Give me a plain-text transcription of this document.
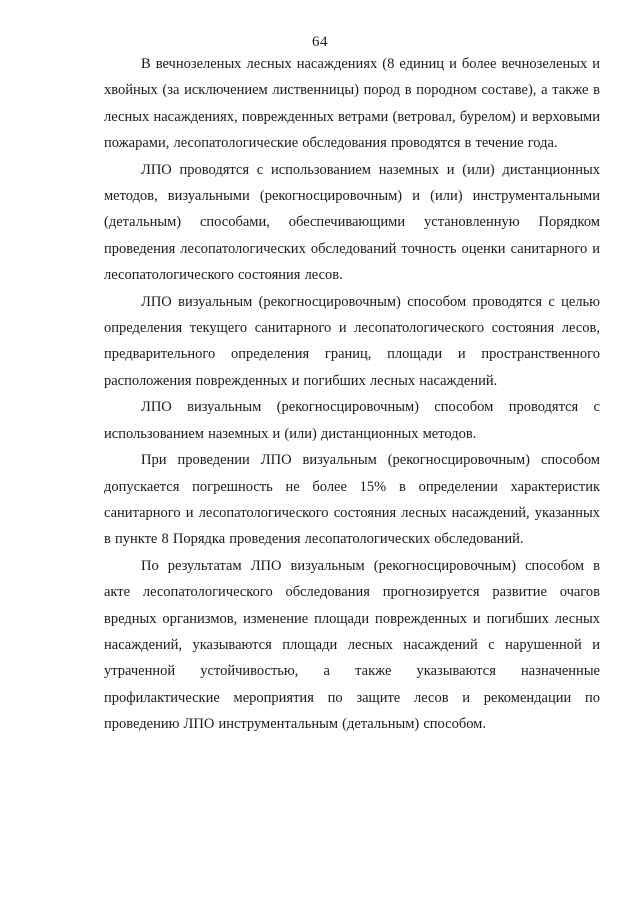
64

В вечнозеленых лесных насаждениях (8 единиц и более вечнозеленых и хвойных (за исключением лиственницы) пород в породном составе), а также в лесных насаждениях, поврежденных ветрами (ветровал, бурелом) и верховыми пожарами, лесопатологические обследования проводятся в течение года.

ЛПО проводятся с использованием наземных и (или) дистанционных методов, визуальными (рекогносцировочным) и (или) инструментальными (детальным) способами, обеспечивающими установленную Порядком проведения лесопатологических обследований точность оценки санитарного и лесопатологического состояния лесов.

ЛПО визуальным (рекогносцировочным) способом проводятся с целью определения текущего санитарного и лесопатологического состояния лесов, предварительного определения границ, площади и пространственного расположения поврежденных и погибших лесных насаждений.

ЛПО визуальным (рекогносцировочным) способом проводятся с использованием наземных и (или) дистанционных методов.

При проведении ЛПО визуальным (рекогносцировочным) способом допускается погрешность не более 15% в определении характеристик санитарного и лесопатологического состояния лесных насаждений, указанных в пункте 8 Порядка проведения лесопатологических обследований.

По результатам ЛПО визуальным (рекогносцировочным) способом в акте лесопатологического обследования прогнозируется развитие очагов вредных организмов, изменение площади поврежденных и погибших лесных насаждений, указываются площади лесных насаждений с нарушенной и утраченной устойчивостью, а также указываются назначенные профилактические мероприятия по защите лесов и рекомендации по проведению ЛПО инструментальным (детальным) способом.
